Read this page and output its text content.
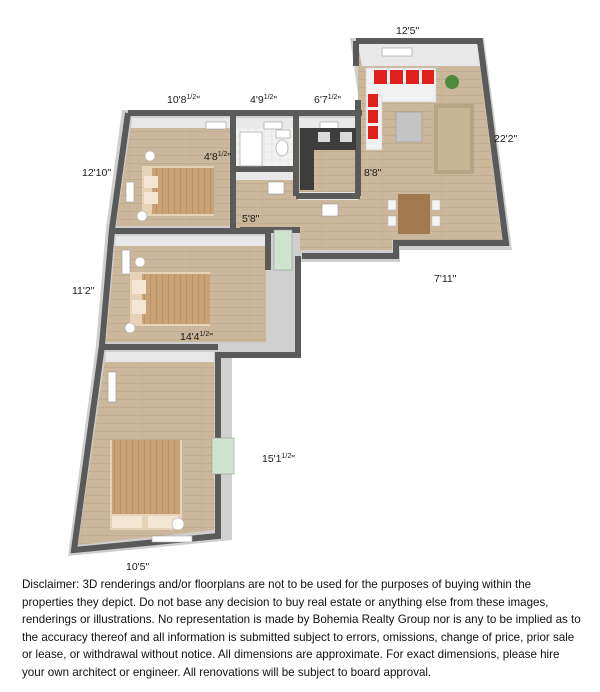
12'5"
$10'8^{1/2}$"	$4'9^{1/2}$"	$6'7^{1/2}$"
22'2"
12'10"
$4'8^{1/2}$"
8'8"
5'8"
7'11"
11'2"
$14'4^{1/2}$"
$15'1^{1/2}$"
10'5"

Disclaimer: 3D renderings and/or floorplans are not to be used for the purposes of buying within the properties they depict. Do not base any decision to buy real estate or anything else from these images, renderings or illustrations. No representation is made by Bohemia Realty Group nor is any to be implied as to the accuracy thereof and all information is submitted subject to errors, omissions, change of price, prior sale or lease, or withdrawal without notice. All dimensions are approximate. For exact dimensions, please hire your own architect or engineer. All renovations will be subject to board approval.
